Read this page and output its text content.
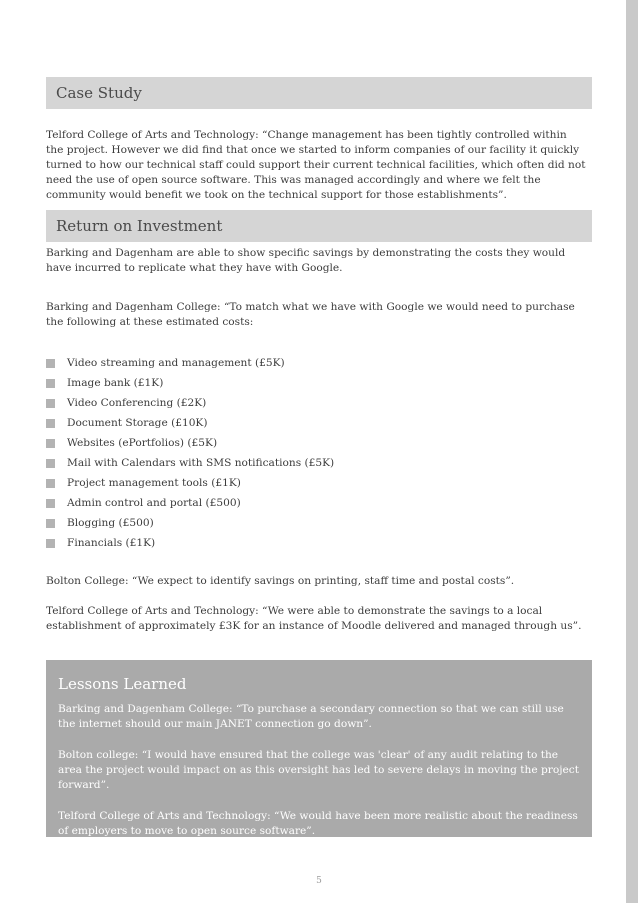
Case Study

Telford College of Arts and Technology: “Change management has been tightly controlled within the project. However we did find that once we started to inform companies of our facility it quickly turned to how our technical staff could support their current technical facilities, which often did not need the use of open source software. This was managed accordingly and where we felt the community would benefit we took on the technical support for those establishments”.

Return on Investment

Barking and Dagenham are able to show specific savings by demonstrating the costs they would have incurred to replicate what they have with Google.

Barking and Dagenham College: “To match what we have with Google we would need to purchase the following at these estimated costs:

Video streaming and management (£5K)
Image bank (£1K)
Video Conferencing (£2K)
Document Storage (£10K)
Websites (ePortfolios) (£5K)
Mail with Calendars with SMS notifications (£5K)
Project management tools (£1K)
Admin control and portal (£500)
Blogging (£500)
Financials (£1K)

Bolton College: “We expect to identify savings on printing, staff time and postal costs”.

Telford College of Arts and Technology: “We were able to demonstrate the savings to a local establishment of approximately £3K for an instance of Moodle delivered and managed through us”.

Lessons Learned

Barking and Dagenham College: “To purchase a secondary connection so that we can still use the internet should our main JANET connection go down”.

Bolton college: “I would have ensured that the college was 'clear' of any audit relating to the area the project would impact on as this oversight has led to severe delays in moving the project forward”.

Telford College of Arts and Technology: “We would have been more realistic about the readiness of employers to move to open source software”.

5
